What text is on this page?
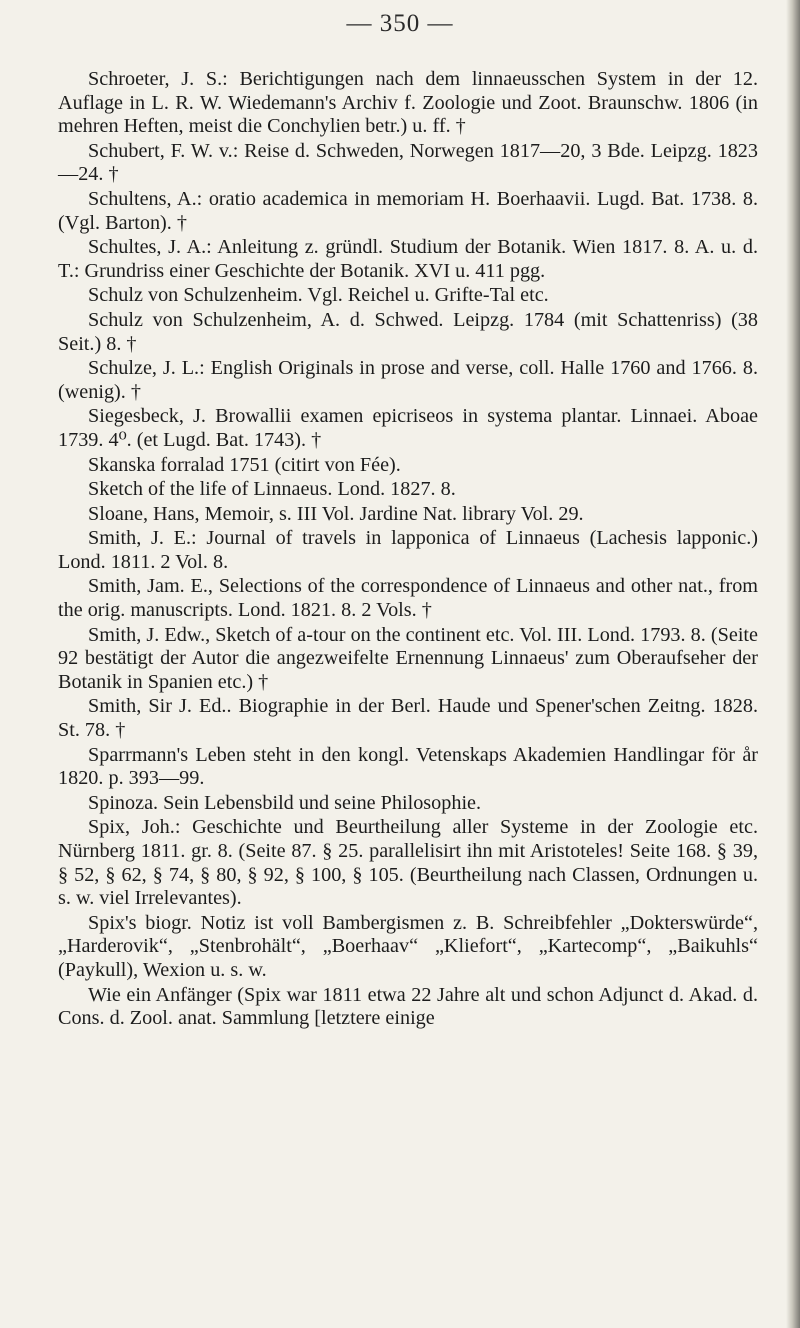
— 350 —

Schroeter, J. S.: Berichtigungen nach dem linnaeusschen System in der 12. Auflage in L. R. W. Wiedemann's Archiv f. Zoologie und Zoot. Braunschw. 1806 (in mehren Heften, meist die Conchylien betr.) u. ff. †

Schubert, F. W. v.: Reise d. Schweden, Norwegen 1817—20, 3 Bde. Leipzg. 1823—24. †

Schultens, A.: oratio academica in memoriam H. Boerhaavii. Lugd. Bat. 1738. 8. (Vgl. Barton). †

Schultes, J. A.: Anleitung z. gründl. Studium der Botanik. Wien 1817. 8. A. u. d. T.: Grundriss einer Geschichte der Botanik. XVI u. 411 pgg.

Schulz von Schulzenheim. Vgl. Reichel u. Grifte-Tal etc.

Schulz von Schulzenheim, A. d. Schwed. Leipzg. 1784 (mit Schattenriss) (38 Seit.) 8. †

Schulze, J. L.: English Originals in prose and verse, coll. Halle 1760 and 1766. 8. (wenig). †

Siegesbeck, J. Browallii examen epicriseos in systema plantar. Linnaei. Aboae 1739. 4⁰. (et Lugd. Bat. 1743). †

Skanska forralad 1751 (citirt von Fée).

Sketch of the life of Linnaeus. Lond. 1827. 8.

Sloane, Hans, Memoir, s. III Vol. Jardine Nat. library Vol. 29.

Smith, J. E.: Journal of travels in lapponica of Linnaeus (Lachesis lapponic.) Lond. 1811. 2 Vol. 8.

Smith, Jam. E., Selections of the correspondence of Linnaeus and other nat., from the orig. manuscripts. Lond. 1821. 8. 2 Vols. †

Smith, J. Edw., Sketch of a-tour on the continent etc. Vol. III. Lond. 1793. 8. (Seite 92 bestätigt der Autor die angezweifelte Ernennung Linnaeus' zum Oberaufseher der Botanik in Spanien etc.) †

Smith, Sir J. Ed.. Biographie in der Berl. Haude und Spener'schen Zeitng. 1828. St. 78. †

Sparrmann's Leben steht in den kongl. Vetenskaps Akademien Handlingar för år 1820. p. 393—99.

Spinoza. Sein Lebensbild und seine Philosophie.

Spix, Joh.: Geschichte und Beurtheilung aller Systeme in der Zoologie etc. Nürnberg 1811. gr. 8. (Seite 87. § 25. parallelisirt ihn mit Aristoteles! Seite 168. § 39, § 52, § 62, § 74, § 80, § 92, § 100, § 105. (Beurtheilung nach Classen, Ordnungen u. s. w. viel Irrelevantes).

Spix's biogr. Notiz ist voll Bambergismen z. B. Schreibfehler „Dokterswürde“, „Harderovik“, „Stenbrohält“, „Boerhaav“ „Kliefort“, „Kartecomp“, „Baikuhls“ (Paykull), Wexion u. s. w.

Wie ein Anfänger (Spix war 1811 etwa 22 Jahre alt und schon Adjunct d. Akad. d. Cons. d. Zool. anat. Sammlung [letztere einige
